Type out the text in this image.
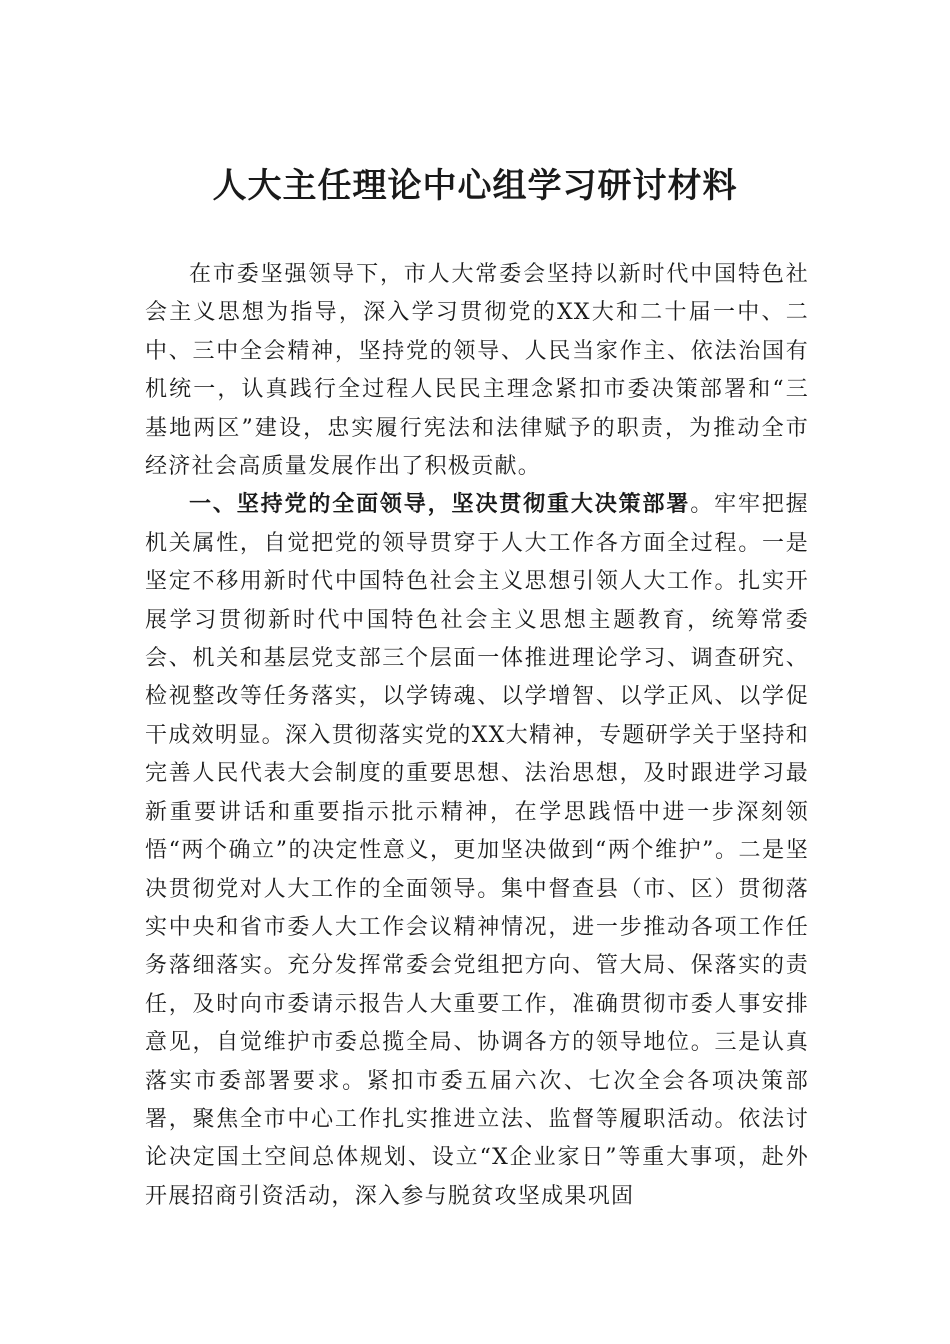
人大主任理论中心组学习研讨材料

在市委坚强领导下，市人大常委会坚持以新时代中国特色社会主义思想为指导，深入学习贯彻党的XX大和二十届一中、二中、三中全会精神，坚持党的领导、人民当家作主、依法治国有机统一，认真践行全过程人民民主理念紧扣市委决策部署和“三基地两区”建设，忠实履行宪法和法律赋予的职责，为推动全市经济社会高质量发展作出了积极贡献。

一、坚持党的全面领导，坚决贯彻重大决策部署。牢牢把握机关属性，自觉把党的领导贯穿于人大工作各方面全过程。一是坚定不移用新时代中国特色社会主义思想引领人大工作。扎实开展学习贯彻新时代中国特色社会主义思想主题教育，统筹常委会、机关和基层党支部三个层面一体推进理论学习、调查研究、检视整改等任务落实，以学铸魂、以学增智、以学正风、以学促干成效明显。深入贯彻落实党的XX大精神，专题研学关于坚持和完善人民代表大会制度的重要思想、法治思想，及时跟进学习最新重要讲话和重要指示批示精神，在学思践悟中进一步深刻领悟“两个确立”的决定性意义，更加坚决做到“两个维护”。二是坚决贯彻党对人大工作的全面领导。集中督查县（市、区）贯彻落实中央和省市委人大工作会议精神情况，进一步推动各项工作任务落细落实。充分发挥常委会党组把方向、管大局、保落实的责任，及时向市委请示报告人大重要工作，准确贯彻市委人事安排意见，自觉维护市委总揽全局、协调各方的领导地位。三是认真落实市委部署要求。紧扣市委五届六次、七次全会各项决策部署，聚焦全市中心工作扎实推进立法、监督等履职活动。依法讨论决定国土空间总体规划、设立“X企业家日”等重大事项，赴外开展招商引资活动，深入参与脱贫攻坚成果巩固
